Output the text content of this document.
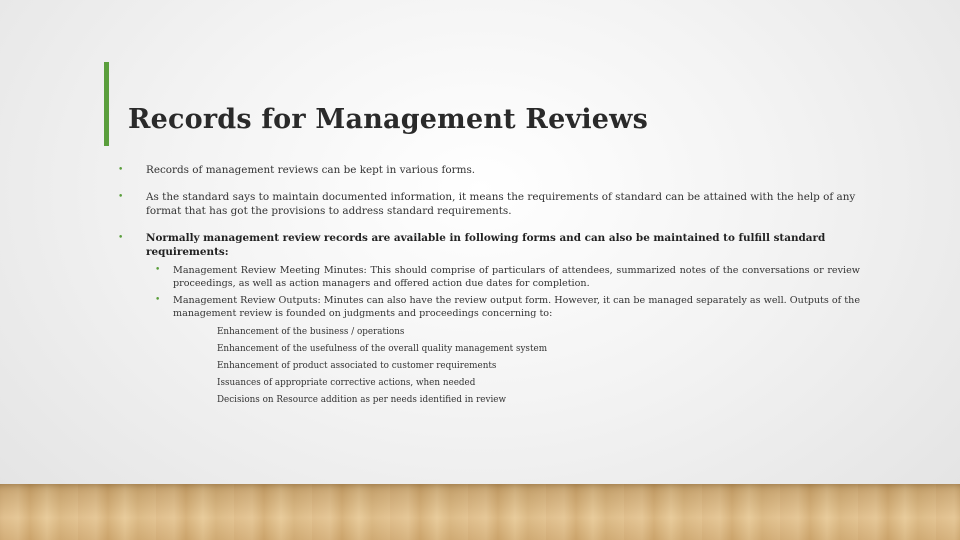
Records for Management Reviews
• Records of management reviews can be kept in various forms.
• As the standard says to maintain documented information, it means the requirements of standard can be attained with the help of any format that has got the provisions to address standard requirements.
• Normally management review records are available in following forms and can also be maintained to fulfill standard requirements:
• Management Review Meeting Minutes: This should comprise of particulars of attendees, summarized notes of the conversations or review proceedings, as well as action managers and offered action due dates for completion.
• Management Review Outputs: Minutes can also have the review output form. However, it can be managed separately as well. Outputs of the management review is founded on judgments and proceedings concerning to:
Enhancement of the business / operations
Enhancement of the usefulness of the overall quality management system
Enhancement of product associated to customer requirements
Issuances of appropriate corrective actions, when needed
Decisions on Resource addition as per needs identified in review
